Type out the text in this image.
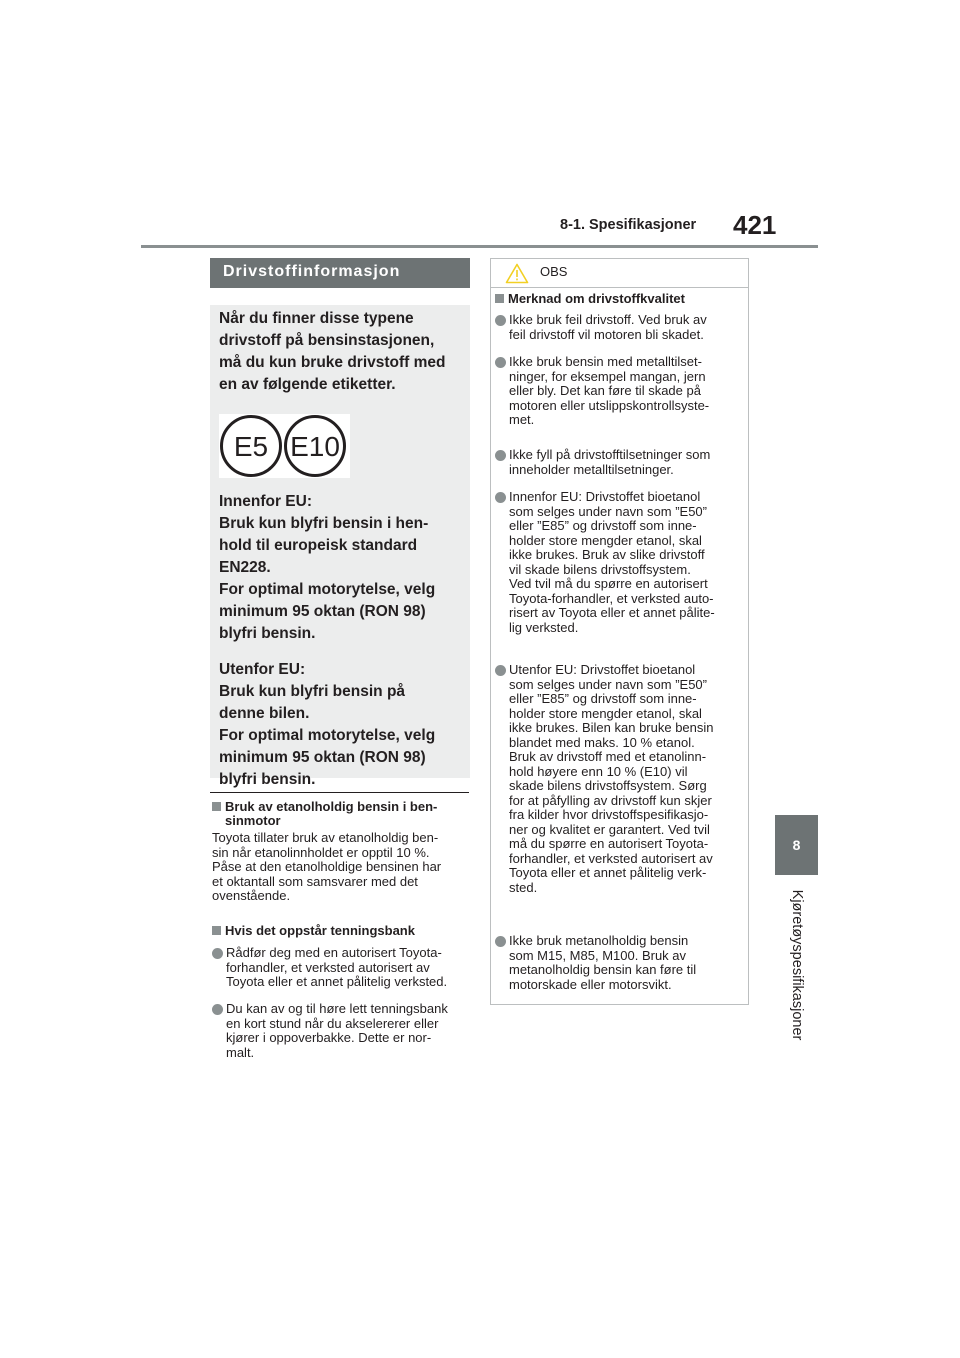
8-1. Spesifikasjoner 421
8
Kjøretøyspesifikasjoner
Drivstoffinformasjon
Når du finner disse typene
drivstoff på bensinstasjonen,
må du kun bruke drivstoff med
en av følgende etiketter.
E5 E10
Innenfor EU:
Bruk kun blyfri bensin i hen-
hold til europeisk standard
EN228.
For optimal motorytelse, velg
minimum 95 oktan (RON 98)
blyfri bensin.
Utenfor EU:
Bruk kun blyfri bensin på
denne bilen.
For optimal motorytelse, velg
minimum 95 oktan (RON 98)
blyfri bensin.
Bruk av etanolholdig bensin i ben-
sinmotor
Toyota tillater bruk av etanolholdig ben-
sin når etanolinnholdet er opptil 10 %.
Påse at den etanolholdige bensinen har
et oktantall som samsvarer med det
ovenstående.
Hvis det oppstår tenningsbank
Rådfør deg med en autorisert Toyota-
forhandler, et verksted autorisert av
Toyota eller et annet pålitelig verksted.
Du kan av og til høre lett tenningsbank
en kort stund når du akselererer eller
kjører i oppoverbakke. Dette er nor-
malt.
OBS
Merknad om drivstoffkvalitet
Ikke bruk feil drivstoff. Ved bruk av
feil drivstoff vil motoren bli skadet.
Ikke bruk bensin med metalltilset-
ninger, for eksempel mangan, jern
eller bly. Det kan føre til skade på
motoren eller utslippskontrollsyste-
met.
Ikke fyll på drivstofftilsetninger som
inneholder metalltilsetninger.
Innenfor EU: Drivstoffet bioetanol
som selges under navn som ”E50”
eller ”E85” og drivstoff som inne-
holder store mengder etanol, skal
ikke brukes. Bruk av slike drivstoff
vil skade bilens drivstoffsystem.
Ved tvil må du spørre en autorisert
Toyota-forhandler, et verksted auto-
risert av Toyota eller et annet pålite-
lig verksted.
Utenfor EU: Drivstoffet bioetanol
som selges under navn som ”E50”
eller ”E85” og drivstoff som inne-
holder store mengder etanol, skal
ikke brukes. Bilen kan bruke bensin
blandet med maks. 10 % etanol.
Bruk av drivstoff med et etanolinn-
hold høyere enn 10 % (E10) vil
skade bilens drivstoffsystem. Sørg
for at påfylling av drivstoff kun skjer
fra kilder hvor drivstoffspesifikasjo-
ner og kvalitet er garantert. Ved tvil
må du spørre en autorisert Toyota-
forhandler, et verksted autorisert av
Toyota eller et annet pålitelig verk-
sted.
Ikke bruk metanolholdig bensin
som M15, M85, M100. Bruk av
metanolholdig bensin kan føre til
motorskade eller motorsvikt.
